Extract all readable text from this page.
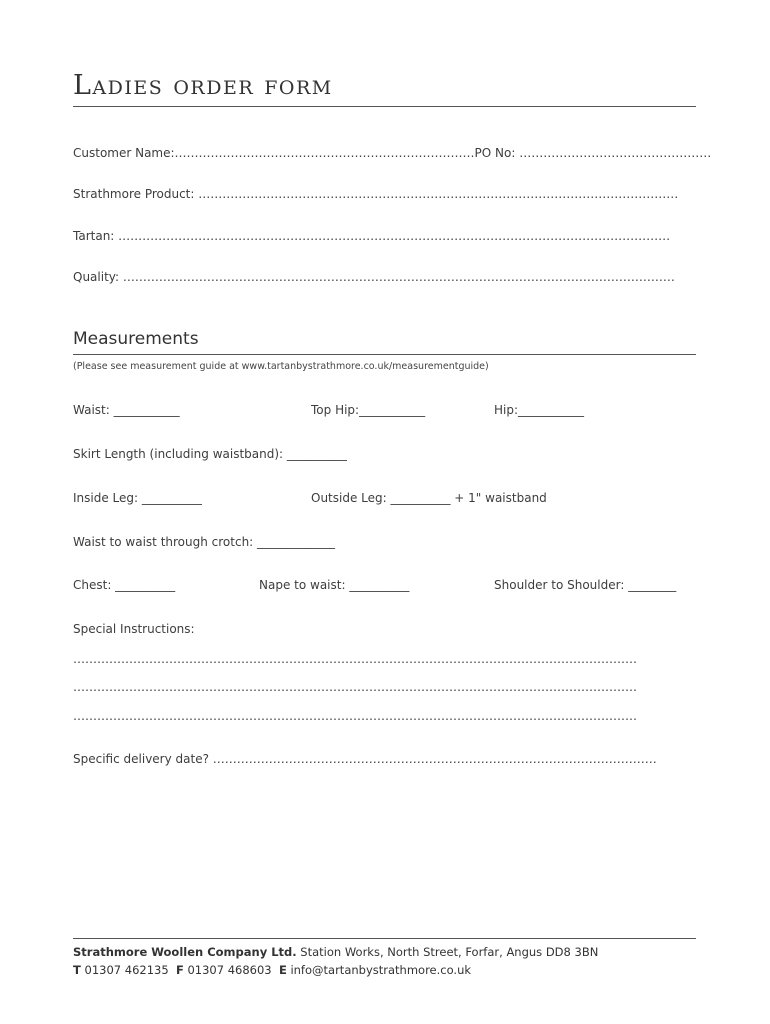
Ladies order form
Customer Name:…………………………………………………………………PO No: …………………………………………
Strathmore Product: …………………………………………………………………………………………………………
Tartan: …………………………………………………………………………………………………………………………
Quality: …………………………………………………………………………………………………………………………
Measurements
(Please see measurement guide at www.tartanbystrathmore.co.uk/measurementguide)
Waist: ___________	Top Hip:___________	Hip:___________
Skirt Length (including waistband): __________
Inside Leg: __________	Outside Leg: __________ + 1" waistband
Waist to waist through crotch: _____________
Chest: __________	Nape to waist: __________	Shoulder to Shoulder: ________
Special Instructions:
……………………………………………………………………………………………………………………………
……………………………………………………………………………………………………………………………
……………………………………………………………………………………………………………………………
Specific delivery date? …………………………………………………………………………………………………
Strathmore Woollen Company Ltd. Station Works, North Street, Forfar, Angus DD8 3BN
T 01307 462135 F 01307 468603 E info@tartanbystrathmore.co.uk
